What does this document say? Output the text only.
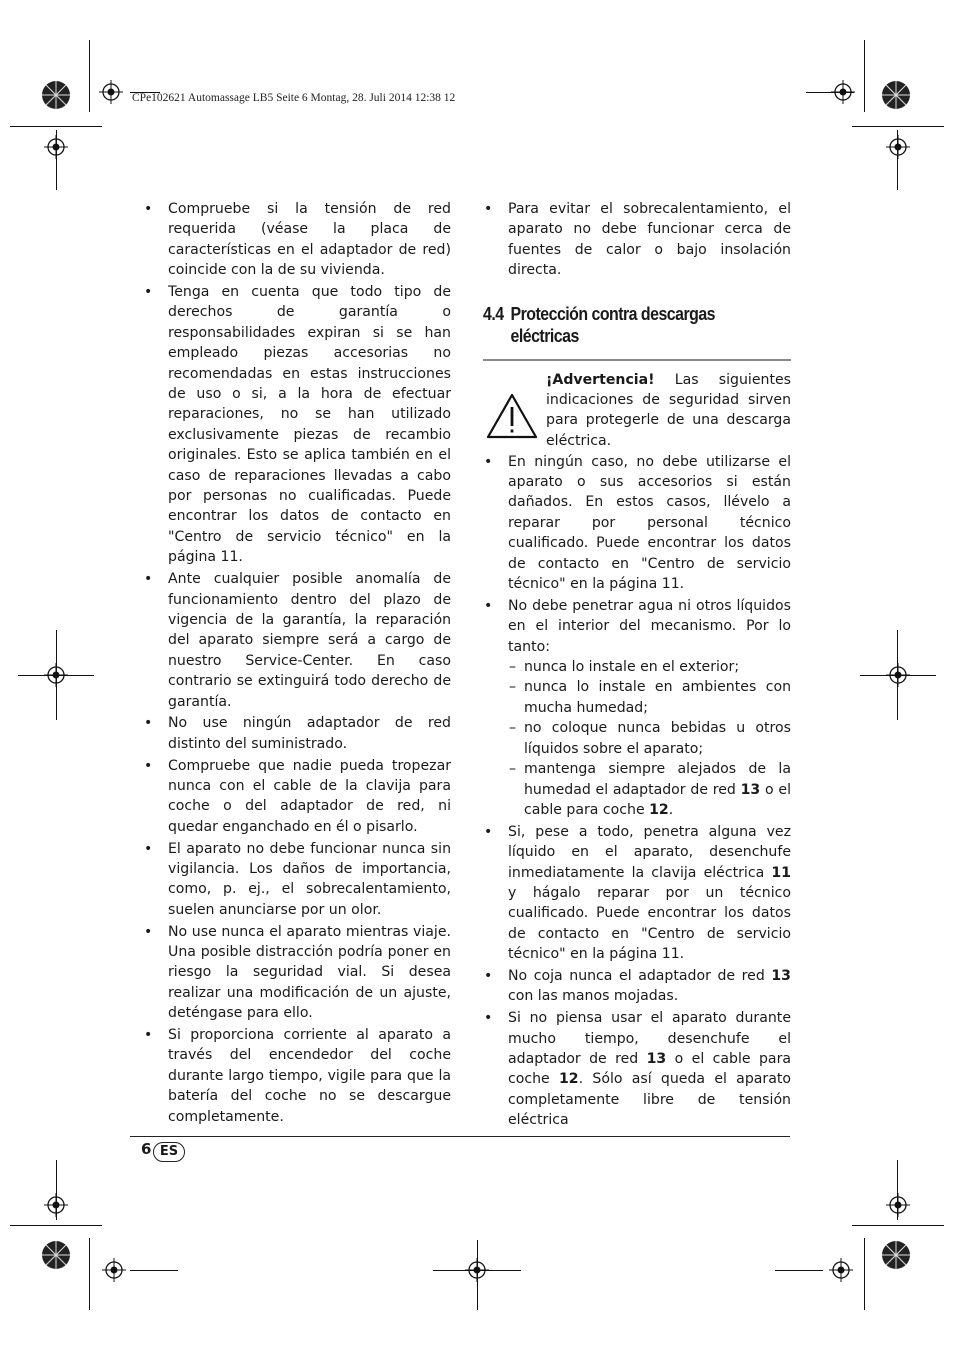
CPe102621 Automassage LB5 Seite 6 Montag, 28. Juli 2014 12:38 12
• Compruebe si la tensión de red requerida (véase la placa de características en el adaptador de red) coincide con la de su vivienda.
• Tenga en cuenta que todo tipo de derechos de garantía o responsabilidades expiran si se han empleado piezas accesorias no recomendadas en estas instrucciones de uso o si, a la hora de efectuar reparaciones, no se han utilizado exclusivamente piezas de recambio originales. Esto se aplica también en el caso de reparaciones llevadas a cabo por personas no cualificadas. Puede encontrar los datos de contacto en "Centro de servicio técnico" en la página 11.
• Ante cualquier posible anomalía de funcionamiento dentro del plazo de vigencia de la garantía, la reparación del aparato siempre será a cargo de nuestro Service-Center. En caso contrario se extinguirá todo derecho de garantía.
• No use ningún adaptador de red distinto del suministrado.
• Compruebe que nadie pueda tropezar nunca con el cable de la clavija para coche o del adaptador de red, ni quedar enganchado en él o pisarlo.
• El aparato no debe funcionar nunca sin vigilancia. Los daños de importancia, como, p. ej., el sobrecalentamiento, suelen anunciarse por un olor.
• No use nunca el aparato mientras viaje. Una posible distracción podría poner en riesgo la seguridad vial. Si desea realizar una modificación de un ajuste, deténgase para ello.
• Si proporciona corriente al aparato a través del encendedor del coche durante largo tiempo, vigile para que la batería del coche no se descargue completamente.
• Para evitar el sobrecalentamiento, el aparato no debe funcionar cerca de fuentes de calor o bajo insolación directa.
4.4 Protección contra descargas
eléctricas
¡Advertencia! Las siguientes indicaciones de seguridad sirven para protegerle de una descarga eléctrica.
• En ningún caso, no debe utilizarse el aparato o sus accesorios si están dañados. En estos casos, llévelo a reparar por personal técnico cualificado. Puede encontrar los datos de contacto en "Centro de servicio técnico" en la página 11.
• No debe penetrar agua ni otros líquidos en el interior del mecanismo. Por lo tanto:
– nunca lo instale en el exterior;
– nunca lo instale en ambientes con mucha humedad;
– no coloque nunca bebidas u otros líquidos sobre el aparato;
– mantenga siempre alejados de la humedad el adaptador de red 13 o el cable para coche 12.
• Si, pese a todo, penetra alguna vez líquido en el aparato, desenchufe inmediatamente la clavija eléctrica 11 y hágalo reparar por un técnico cualificado. Puede encontrar los datos de contacto en "Centro de servicio técnico" en la página 11.
• No coja nunca el adaptador de red 13 con las manos mojadas.
• Si no piensa usar el aparato durante mucho tiempo, desenchufe el adaptador de red 13 o el cable para coche 12. Sólo así queda el aparato completamente libre de tensión eléctrica
6 ES
